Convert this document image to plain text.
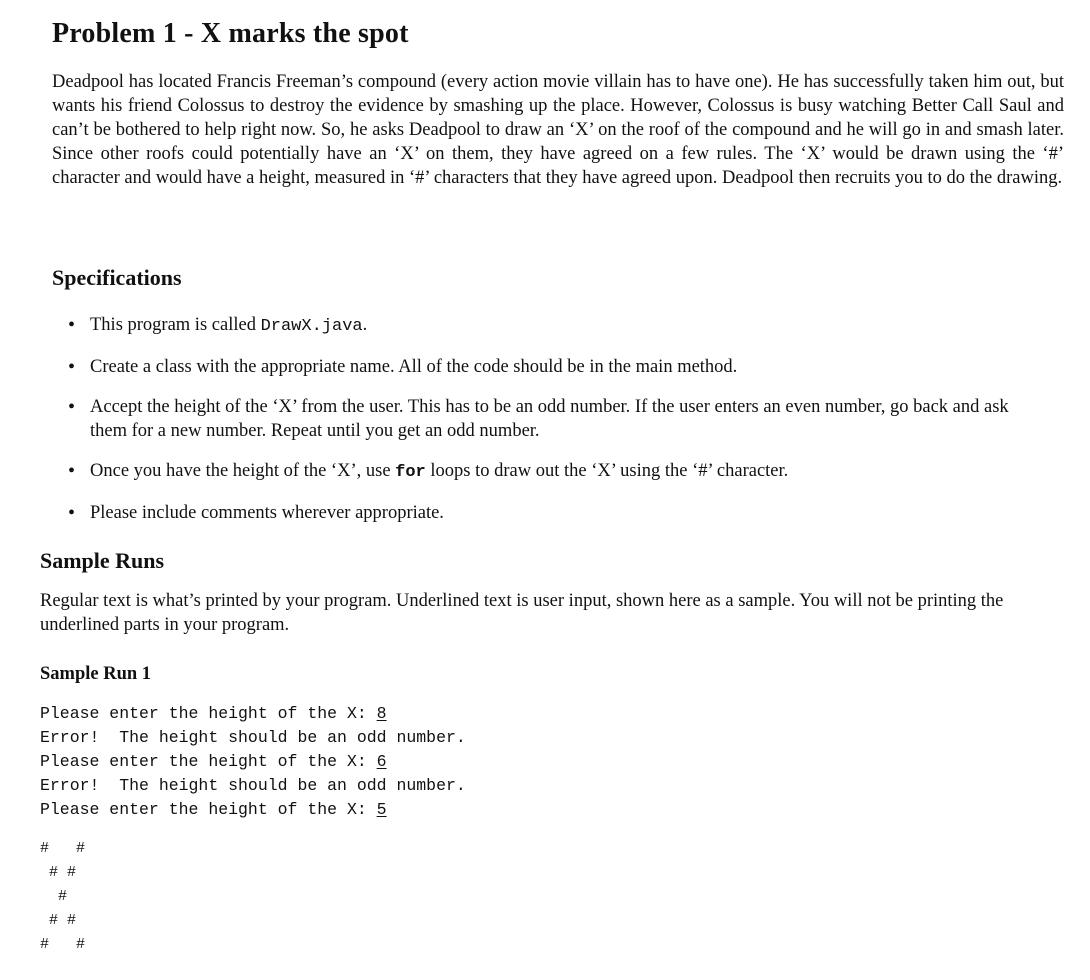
Problem 1 - X marks the spot

Deadpool has located Francis Freeman’s compound (every action movie villain has to have one). He has successfully taken him out, but wants his friend Colossus to destroy the evidence by smashing up the place. However, Colossus is busy watching Better Call Saul and can’t be bothered to help right now. So, he asks Deadpool to draw an ‘X’ on the roof of the compound and he will go in and smash later. Since other roofs could potentially have an ‘X’ on them, they have agreed on a few rules. The ‘X’ would be drawn using the ‘#’ character and would have a height, measured in ‘#’ characters that they have agreed upon. Deadpool then recruits you to do the drawing.

Specifications
• This program is called DrawX.java.
• Create a class with the appropriate name. All of the code should be in the main method.
• Accept the height of the ‘X’ from the user. This has to be an odd number. If the user enters an even number, go back and ask them for a new number. Repeat until you get an odd number.
• Once you have the height of the ‘X’, use for loops to draw out the ‘X’ using the ‘#’ character.
• Please include comments wherever appropriate.
Sample Runs

Regular text is what’s printed by your program. Underlined text is user input, shown here as a sample. You will not be printing the underlined parts in your program.

Sample Run 1
Please enter the height of the X: 8
Error!  The height should be an odd number.
Please enter the height of the X: 6
Error!  The height should be an odd number.
Please enter the height of the X: 5
#   #
# #
#
# #
#   #
